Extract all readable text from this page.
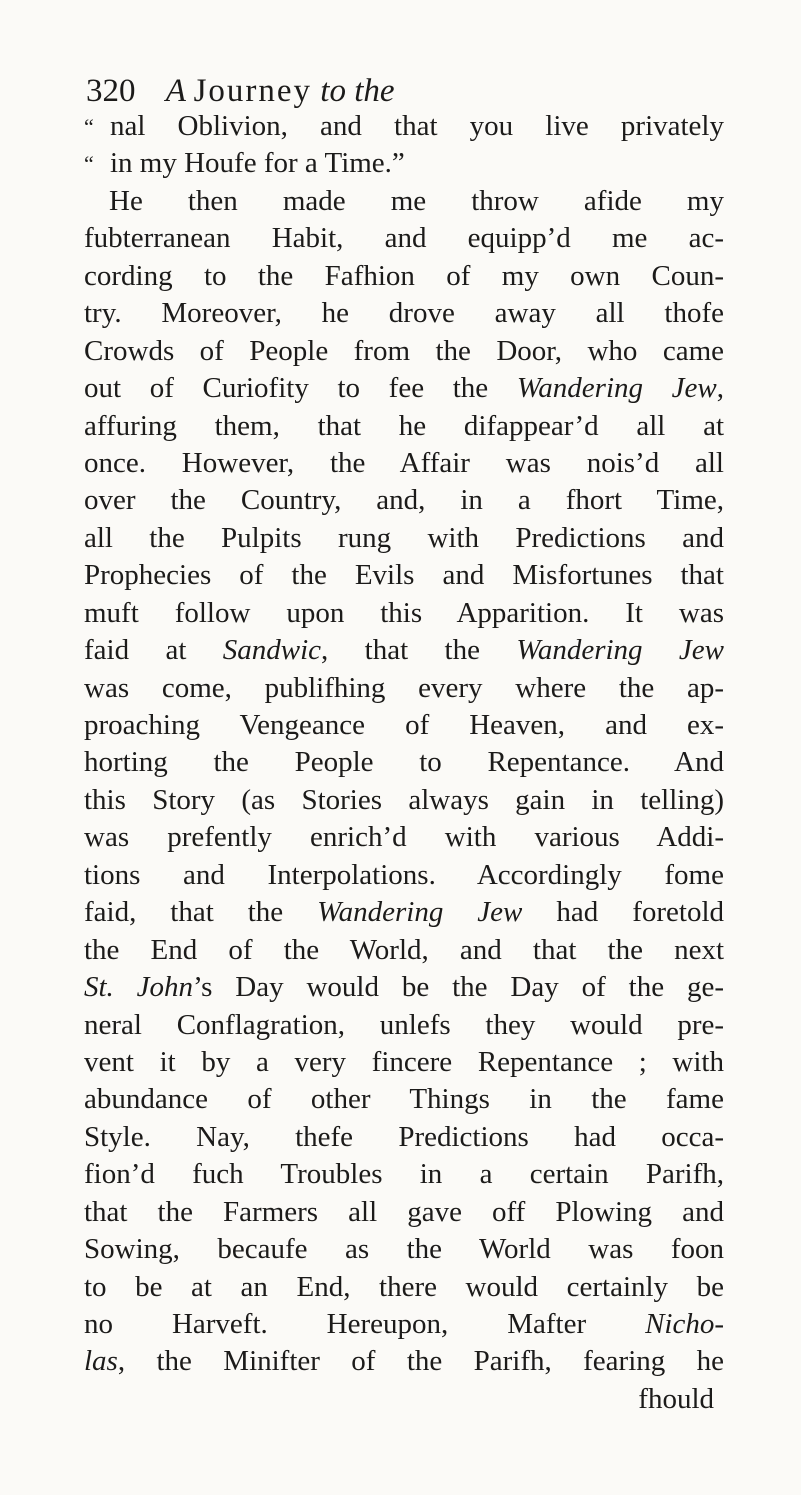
320 A Journey to the
“ nal Oblivion, and that you live privately
“ in my Houfe for a Time.”
He then made me throw afide my
fubterranean Habit, and equipp’d me ac-
cording to the Fafhion of my own Coun-
try. Moreover, he drove away all thofe
Crowds of People from the Door, who came
out of Curiofity to fee the Wandering Jew,
affuring them, that he difappear’d all at
once. However, the Affair was nois’d all
over the Country, and, in a fhort Time,
all the Pulpits rung with Predictions and
Prophecies of the Evils and Misfortunes that
muft follow upon this Apparition. It was
faid at Sandwic, that the Wandering Jew
was come, publifhing every where the ap-
proaching Vengeance of Heaven, and ex-
horting the People to Repentance. And
this Story (as Stories always gain in telling)
was prefently enrich’d with various Addi-
tions and Interpolations. Accordingly fome
faid, that the Wandering Jew had foretold
the End of the World, and that the next
St. John’s Day would be the Day of the ge-
neral Conflagration, unlefs they would pre-
vent it by a very fincere Repentance ; with
abundance of other Things in the fame
Style. Nay, thefe Predictions had occa-
fion’d fuch Troubles in a certain Parifh,
that the Farmers all gave off Plowing and
Sowing, becaufe as the World was foon
to be at an End, there would certainly be
no Harveft. Hereupon, Mafter Nicho-
las, the Minifter of the Parifh, fearing he
fhould
